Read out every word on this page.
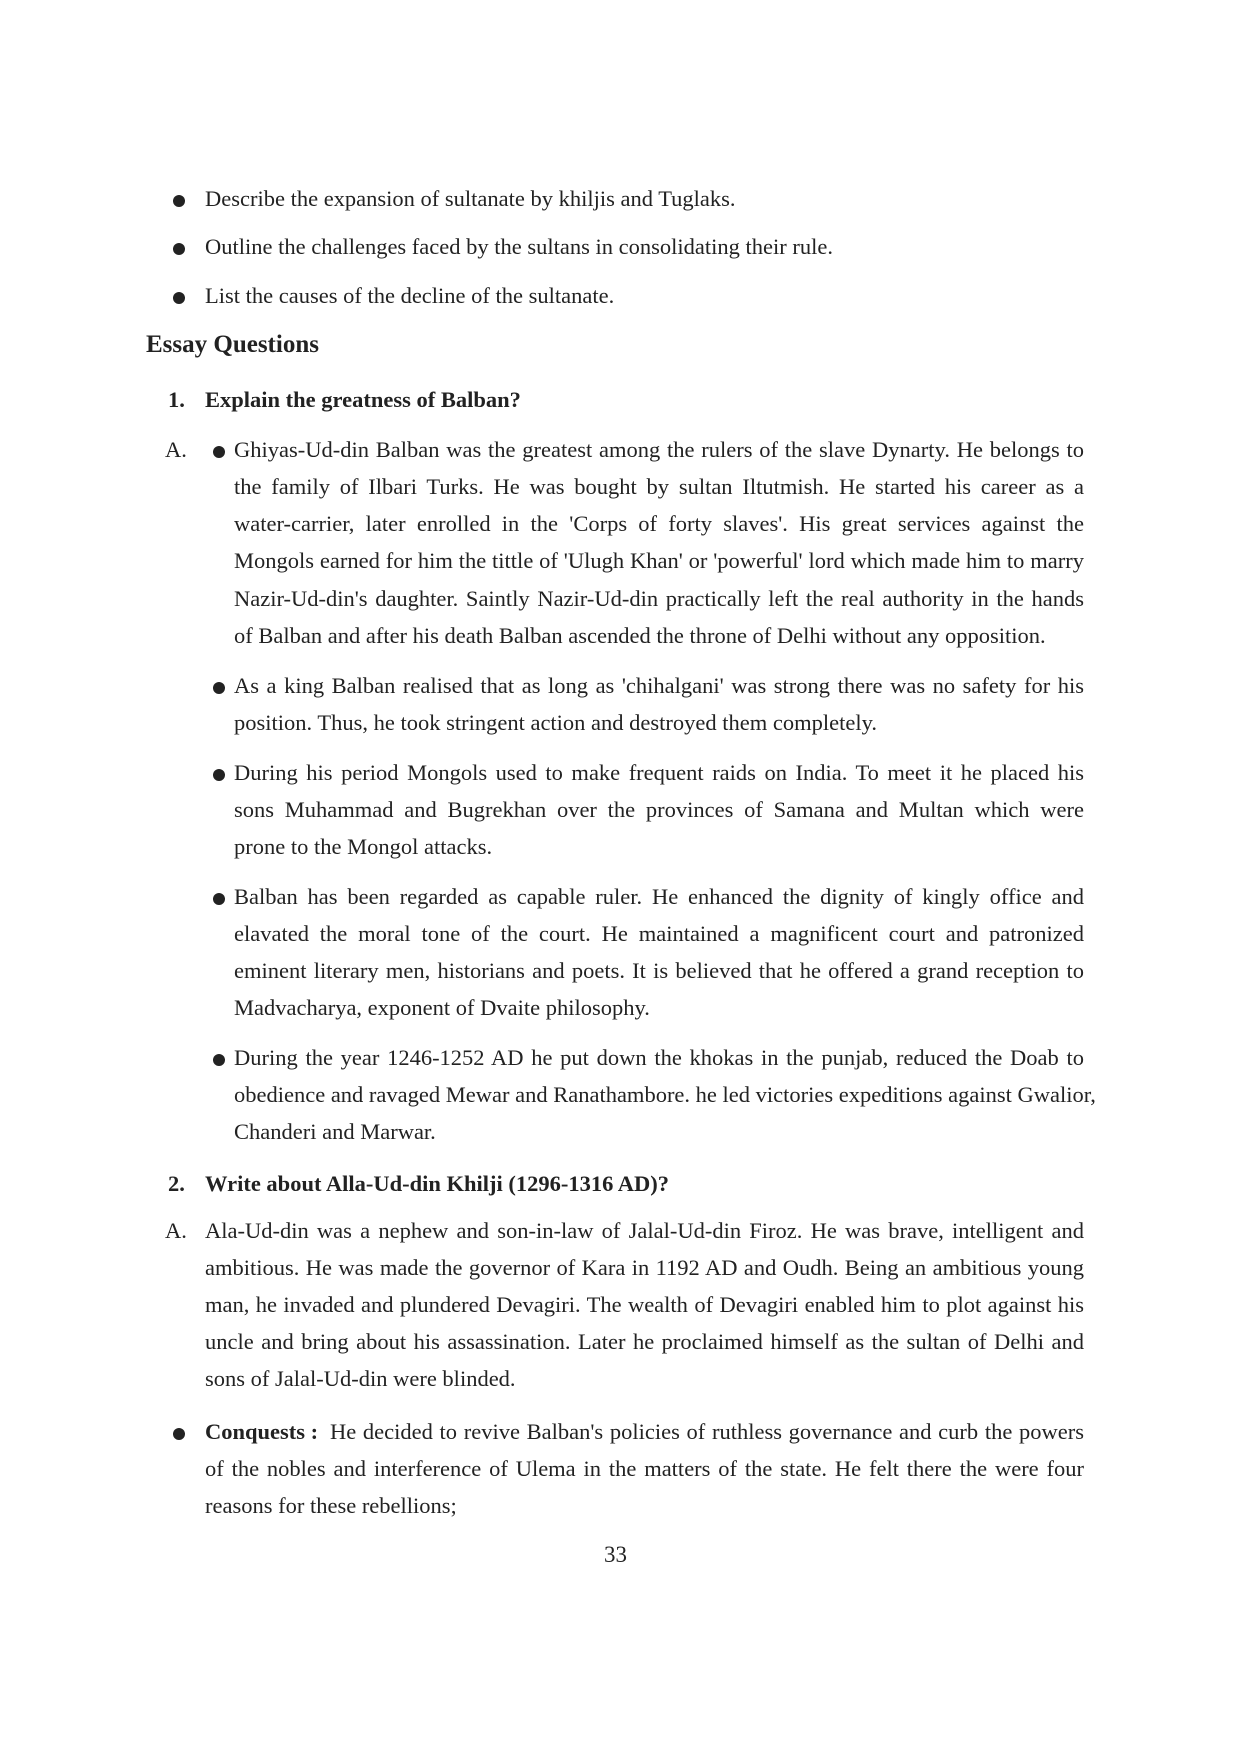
Describe the expansion of sultanate by khiljis and Tuglaks.
Outline the challenges faced by the sultans in consolidating their rule.
List the causes of the decline of the sultanate.
Essay Questions
1. Explain the greatness of Balban?
A. Ghiyas-Ud-din Balban was the greatest among the rulers of the slave Dynarty. He belongs to
the family of Ilbari Turks. He was bought by sultan Iltutmish. He started his career as a
water-carrier, later enrolled in the 'Corps of forty slaves'. His great services against the
Mongols earned for him the tittle of 'Ulugh Khan' or 'powerful' lord which made him to marry
Nazir-Ud-din's daughter. Saintly Nazir-Ud-din practically left the real authority in the hands
of Balban and after his death Balban ascended the throne of Delhi without any opposition.
As a king Balban realised that as long as 'chihalgani' was strong there was no safety for his
position. Thus, he took stringent action and destroyed them completely.
During his period Mongols used to make frequent raids on India. To meet it he placed his
sons Muhammad and Bugrekhan over the provinces of Samana and Multan which were
prone to the Mongol attacks.
Balban has been regarded as capable ruler. He enhanced the dignity of kingly office and
elavated the moral tone of the court. He maintained a magnificent court and patronized
eminent literary men, historians and poets. It is believed that he offered a grand reception to
Madvacharya, exponent of Dvaite philosophy.
During the year 1246-1252 AD he put down the khokas in the punjab, reduced the Doab to
obedience and ravaged Mewar and Ranathambore. he led victories expeditions against Gwalior,
Chanderi and Marwar.
2. Write about Alla-Ud-din Khilji (1296-1316 AD)?
A. Ala-Ud-din was a nephew and son-in-law of Jalal-Ud-din Firoz. He was brave, intelligent and
ambitious. He was made the governor of Kara in 1192 AD and Oudh. Being an ambitious young
man, he invaded and plundered Devagiri. The wealth of Devagiri enabled him to plot against his
uncle and bring about his assassination. Later he proclaimed himself as the sultan of Delhi and
sons of Jalal-Ud-din were blinded.
Conquests : He decided to revive Balban's policies of ruthless governance and curb the powers
of the nobles and interference of Ulema in the matters of the state. He felt there the were four
reasons for these rebellions;
33
